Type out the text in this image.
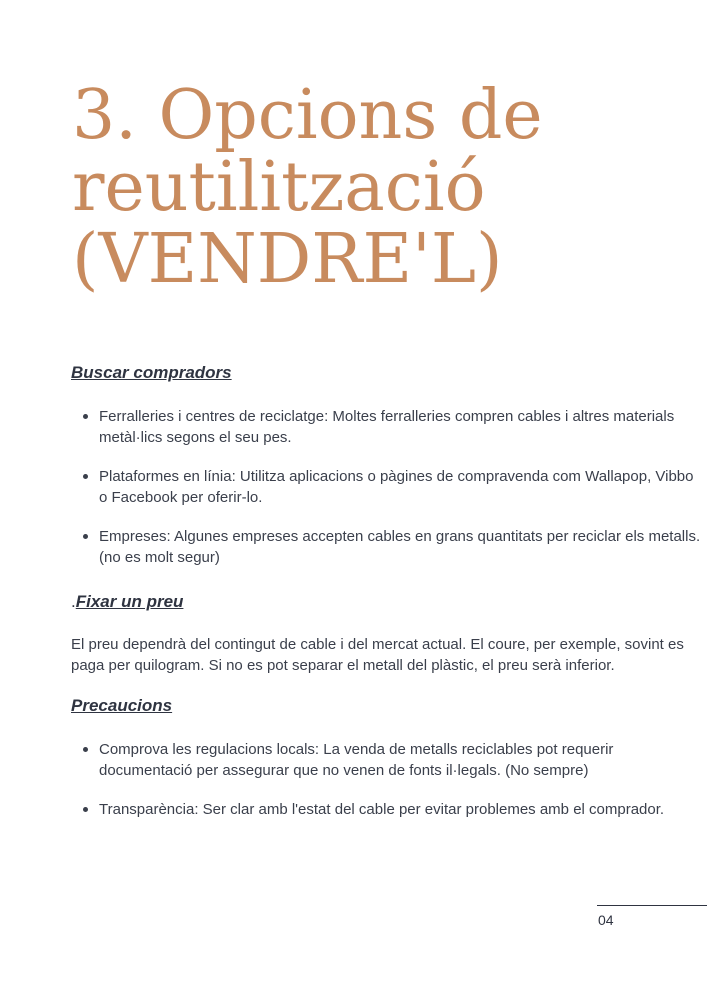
3. Opcions de
reutilització
(VENDRE'L)
Buscar compradors
Ferralleries i centres de reciclatge: Moltes ferralleries compren cables i altres materials metàl·lics segons el seu pes.
Plataformes en línia: Utilitza aplicacions o pàgines de compravenda com Wallapop, Vibbo o Facebook per oferir-lo.
Empreses: Algunes empreses accepten cables en grans quantitats per reciclar els metalls. (no es molt segur)
.Fixar un preu

El preu dependrà del contingut de cable i del mercat actual. El coure, per exemple, sovint es paga per quilogram. Si no es pot separar el metall del plàstic, el preu serà inferior.

Precaucions
Comprova les regulacions locals: La venda de metalls reciclables pot requerir documentació per assegurar que no venen de fonts il·legals. (No sempre)
Transparència: Ser clar amb l'estat del cable per evitar problemes amb el comprador.
04
